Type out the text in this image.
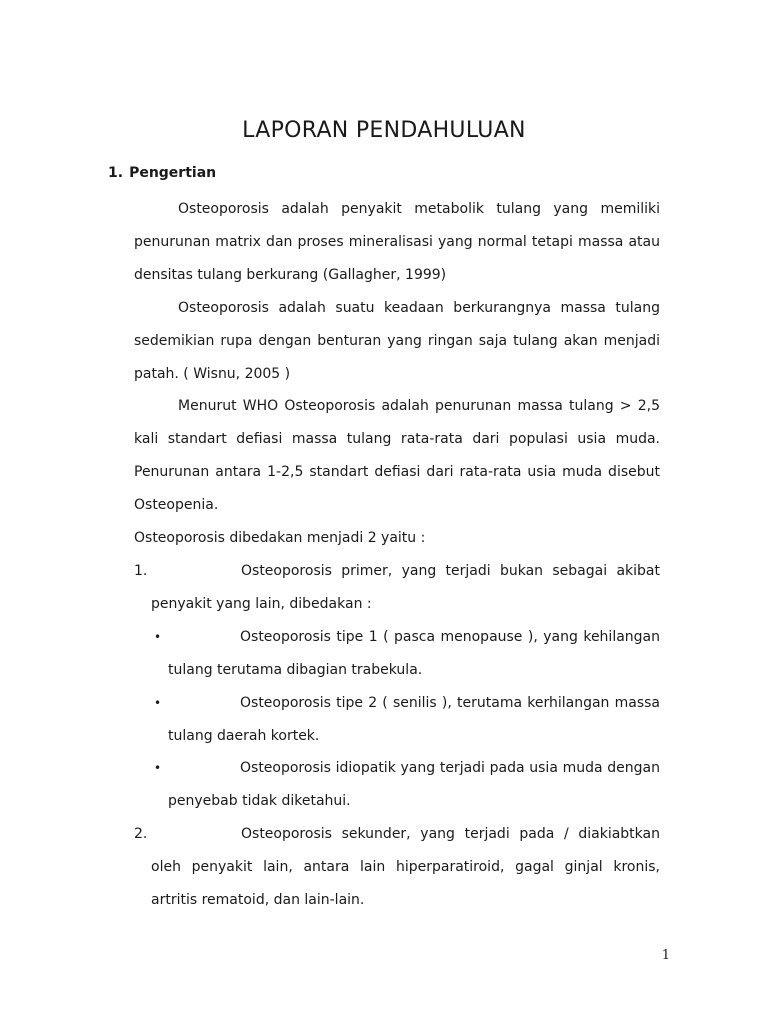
LAPORAN PENDAHULUAN
1. Pengertian

Osteoporosis adalah penyakit metabolik tulang yang memiliki penurunan matrix dan proses mineralisasi yang normal tetapi massa atau densitas tulang berkurang (Gallagher, 1999)

Osteoporosis adalah suatu keadaan berkurangnya massa tulang sedemikian rupa dengan benturan yang ringan saja tulang akan menjadi patah. ( Wisnu, 2005 )

Menurut WHO Osteoporosis adalah penurunan massa tulang > 2,5 kali standart defiasi massa tulang rata-rata dari populasi usia muda. Penurunan antara 1-2,5 standart defiasi dari rata-rata usia muda disebut Osteopenia.

Osteoporosis dibedakan menjadi 2 yaitu :

1.	Osteoporosis primer, yang terjadi bukan sebagai akibat penyakit yang lain, dibedakan :
•	Osteoporosis tipe 1 ( pasca menopause ), yang kehilangan tulang terutama dibagian trabekula.
•	Osteoporosis tipe 2 ( senilis ), terutama kerhilangan massa tulang daerah kortek.
•	Osteoporosis idiopatik yang terjadi pada usia muda dengan penyebab tidak diketahui.
2.	Osteoporosis sekunder, yang terjadi pada / diakiabtkan oleh penyakit lain, antara lain hiperparatiroid, gagal ginjal kronis, artritis rematoid, dan lain-lain.
1
